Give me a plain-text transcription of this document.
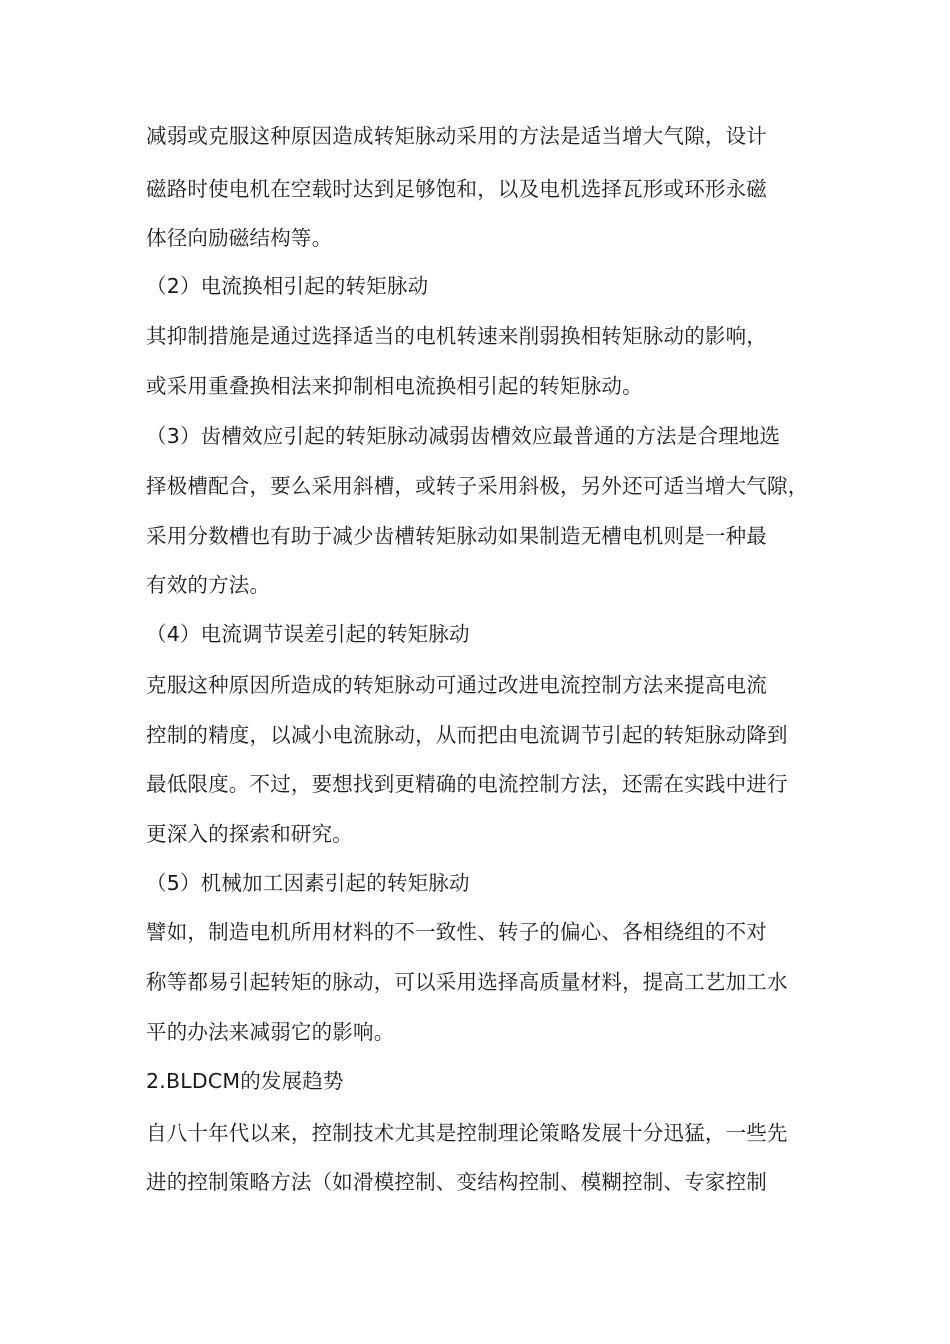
减弱或克服这种原因造成转矩脉动采用的方法是适当增大气隙，设计
磁路时使电机在空载时达到足够饱和，以及电机选择瓦形或环形永磁
体径向励磁结构等。
（2）电流换相引起的转矩脉动
其抑制措施是通过选择适当的电机转速来削弱换相转矩脉动的影响，
或采用重叠换相法来抑制相电流换相引起的转矩脉动。
（3）齿槽效应引起的转矩脉动减弱齿槽效应最普通的方法是合理地选
择极槽配合，要么采用斜槽，或转子采用斜极，另外还可适当增大气隙，
采用分数槽也有助于减少齿槽转矩脉动如果制造无槽电机则是一种最
有效的方法。
（4）电流调节误差引起的转矩脉动
克服这种原因所造成的转矩脉动可通过改进电流控制方法来提高电流
控制的精度，以减小电流脉动，从而把由电流调节引起的转矩脉动降到
最低限度。不过，要想找到更精确的电流控制方法，还需在实践中进行
更深入的探索和研究。
（5）机械加工因素引起的转矩脉动
譬如，制造电机所用材料的不一致性、转子的偏心、各相绕组的不对
称等都易引起转矩的脉动，可以采用选择高质量材料，提高工艺加工水
平的办法来减弱它的影响。
2.BLDCM的发展趋势
自八十年代以来，控制技术尤其是控制理论策略发展十分迅猛，一些先
进的控制策略方法（如滑模控制、变结构控制、模糊控制、专家控制
